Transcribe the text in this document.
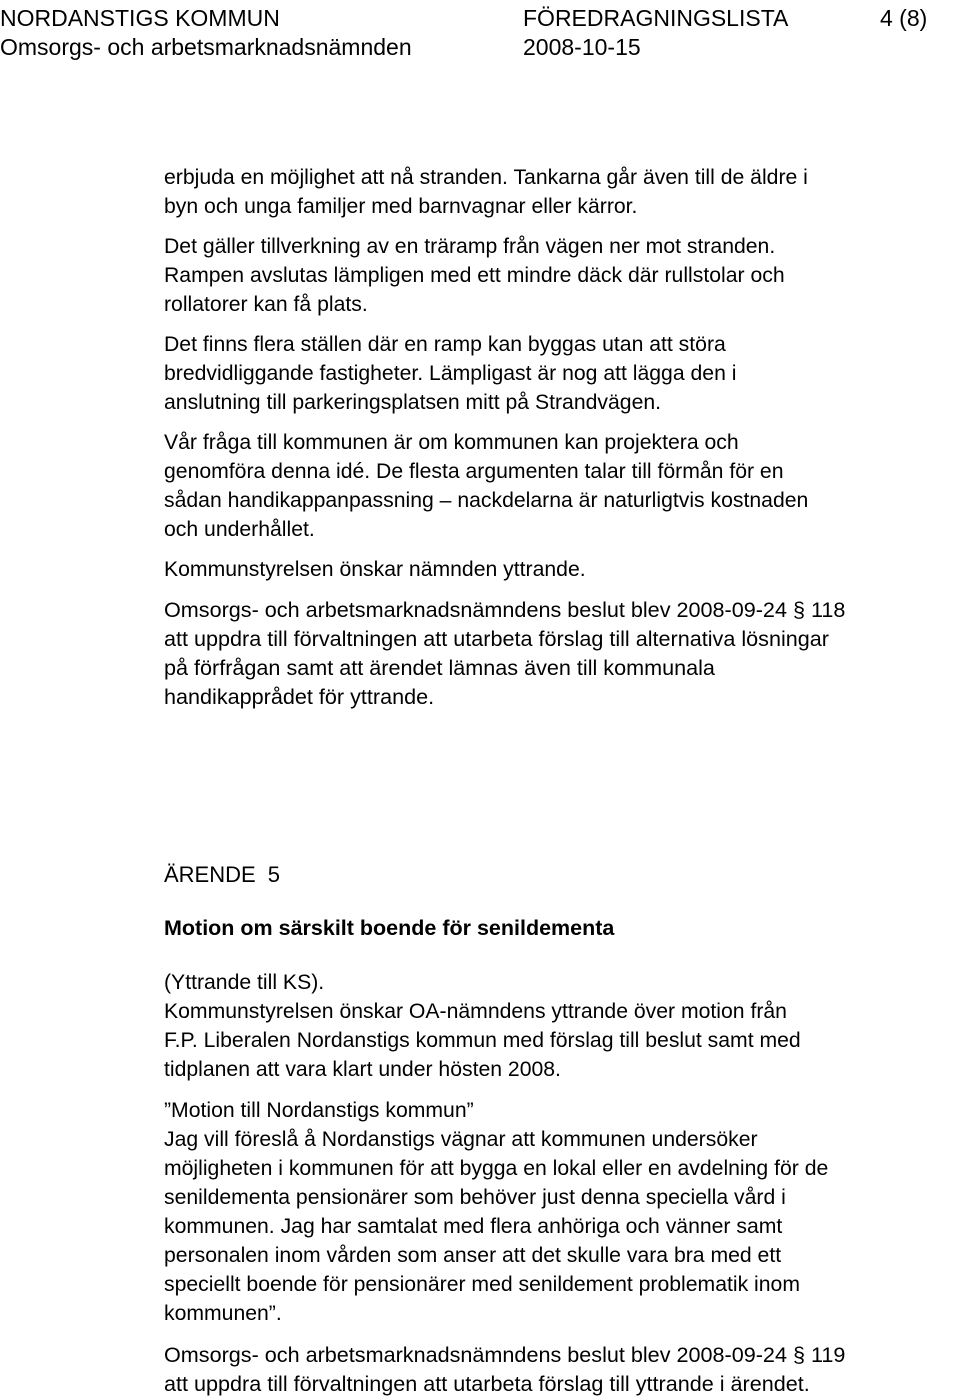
NORDANSTIGS KOMMUN	FÖREDRAGNINGSLISTA	4 (8)
Omsorgs- och arbetsmarknadsnämnden	2008-10-15

erbjuda en möjlighet att nå stranden. Tankarna går även till de äldre i
byn och unga familjer med barnvagnar eller kärror.

Det gäller tillverkning av en träramp från vägen ner mot stranden.
Rampen avslutas lämpligen med ett mindre däck där rullstolar och
rollatorer kan få plats.

Det finns flera ställen där en ramp kan byggas utan att störa
bredvidliggande fastigheter. Lämpligast är nog att lägga den i
anslutning till parkeringsplatsen mitt på Strandvägen.

Vår fråga till kommunen är om kommunen kan projektera och
genomföra denna idé. De flesta argumenten talar till förmån för en
sådan handikappanpassning – nackdelarna är naturligtvis kostnaden
och underhållet.

Kommunstyrelsen önskar nämnden yttrande.

Omsorgs- och arbetsmarknadsnämndens beslut blev 2008-09-24 § 118
att uppdra till förvaltningen att utarbeta förslag till alternativa lösningar
på förfrågan samt att ärendet lämnas även till kommunala
handikapprådet för yttrande.

ÄRENDE 5
Motion om särskilt boende för senildementa

(Yttrande till KS).
Kommunstyrelsen önskar OA-nämndens yttrande över motion från
F.P. Liberalen Nordanstigs kommun med förslag till beslut samt med
tidplanen att vara klart under hösten 2008.

”Motion till Nordanstigs kommun”
Jag vill föreslå å Nordanstigs vägnar att kommunen undersöker
möjligheten i kommunen för att bygga en lokal eller en avdelning för de
senildementa pensionärer som behöver just denna speciella vård i
kommunen. Jag har samtalat med flera anhöriga och vänner samt
personalen inom vården som anser att det skulle vara bra med ett
speciellt boende för pensionärer med senildement problematik inom
kommunen”.

Omsorgs- och arbetsmarknadsnämndens beslut blev 2008-09-24 § 119
att uppdra till förvaltningen att utarbeta förslag till yttrande i ärendet.
